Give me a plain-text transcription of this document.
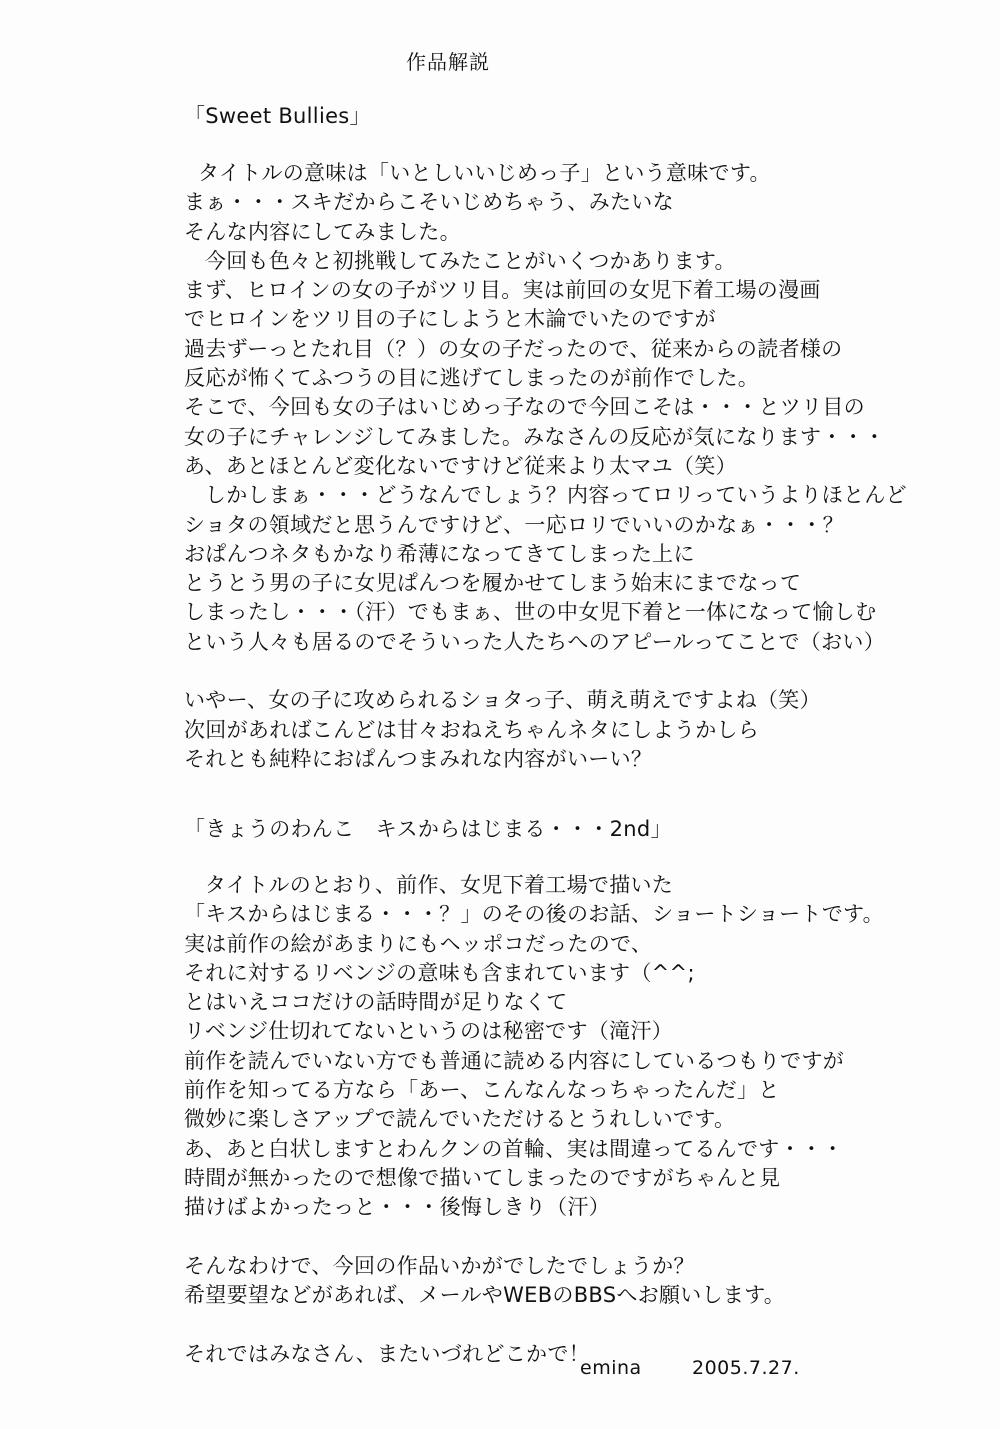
作品解説
「Sweet Bullies」
タイトルの意味は「いとしいいじめっ子」という意味です。
まぁ・・・スキだからこそいじめちゃう、みたいな
そんな内容にしてみました。
今回も色々と初挑戦してみたことがいくつかあります。
まず、ヒロインの女の子がツリ目。実は前回の女児下着工場の漫画
でヒロインをツリ目の子にしようと木論でいたのですが
過去ずーっとたれ目（？）の女の子だったので、従来からの読者様の
反応が怖くてふつうの目に逃げてしまったのが前作でした。
そこで、今回も女の子はいじめっ子なので今回こそは・・・とツリ目の
女の子にチャレンジしてみました。みなさんの反応が気になります・・・
あ、あとほとんど変化ないですけど従来より太マユ（笑）
しかしまぁ・・・どうなんでしょう？内容ってロリっていうよりほとんど
ショタの領域だと思うんですけど、一応ロリでいいのかなぁ・・・？
おぱんつネタもかなり希薄になってきてしまった上に
とうとう男の子に女児ぱんつを履かせてしまう始末にまでなって
しまったし・・・（汗）でもまぁ、世の中女児下着と一体になって愉しむ
という人々も居るのでそういった人たちへのアピールってことで（おい）
いやー、女の子に攻められるショタっ子、萌え萌えですよね（笑）
次回があればこんどは甘々おねえちゃんネタにしようかしら
それとも純粋におぱんつまみれな内容がいーい？
「きょうのわんこ　キスからはじまる・・・2nd」
タイトルのとおり、前作、女児下着工場で描いた
「キスからはじまる・・・？」のその後のお話、ショートショートです。
実は前作の絵があまりにもヘッポコだったので、
それに対するリベンジの意味も含まれています（^^;
とはいえココだけの話時間が足りなくて
リベンジ仕切れてないというのは秘密です（滝汗）
前作を読んでいない方でも普通に読める内容にしているつもりですが
前作を知ってる方なら「あー、こんなんなっちゃったんだ」と
微妙に楽しさアップで読んでいただけるとうれしいです。
あ、あと白状しますとわんクンの首輪、実は間違ってるんです・・・
時間が無かったので想像で描いてしまったのですがちゃんと見
描けばよかったっと・・・後悔しきり（汗）
そんなわけで、今回の作品いかがでしたでしょうか？
希望要望などがあれば、メールやWEBのBBSへお願いします。
それではみなさん、またいづれどこかで！
emina	2005.7.27.
